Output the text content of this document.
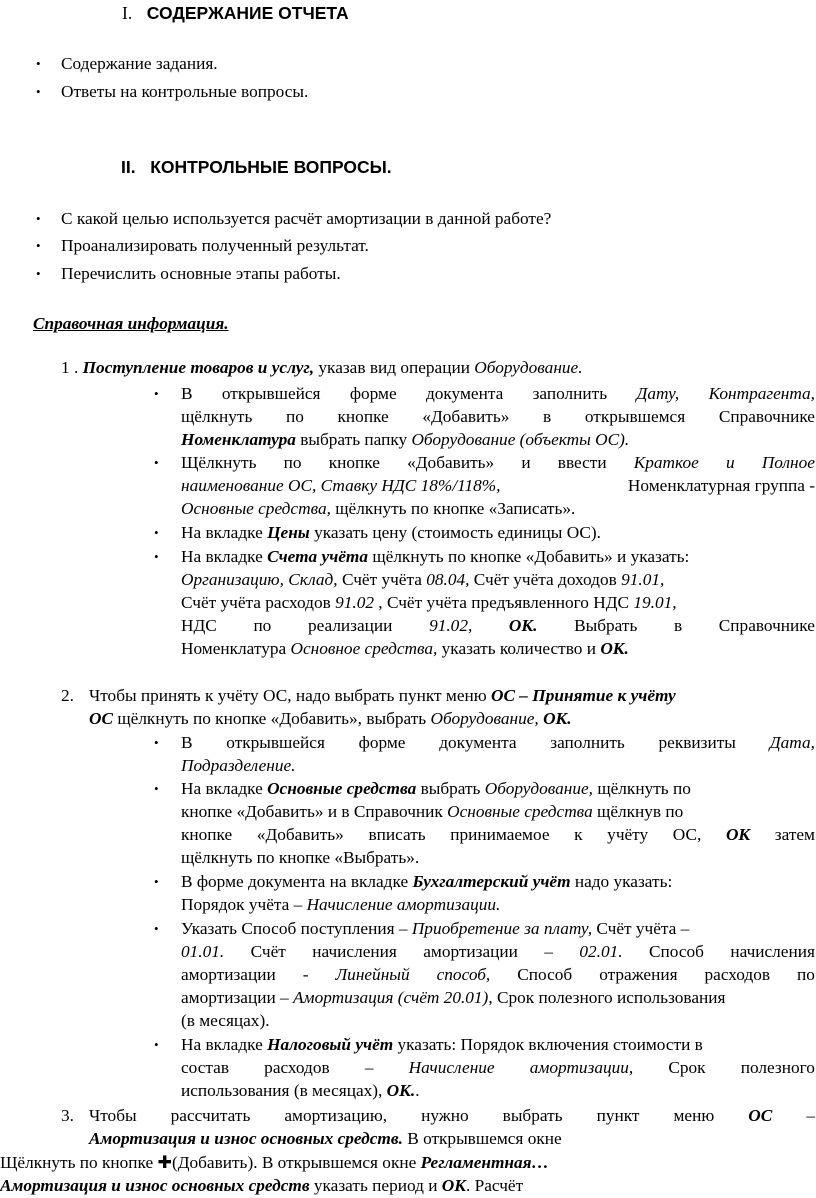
I. СОДЕРЖАНИЕ ОТЧЕТА
II. КОНТРОЛЬНЫЕ ВОПРОСЫ.
Справочная информация.
• Содержание задания.
• Ответы на контрольные вопросы.
• С какой целью используется расчёт амортизации в данной работе?
• Проанализировать полученный результат.
• Перечислить основные этапы работы.
1 . Поступление товаров и услуг, указав вид операции Оборудование.
• В открывшейся форме документа заполнить Дату, Контрагента,
щёлкнуть по кнопке «Добавить» в открывшемся Справочнике
Номенклатура выбрать папку Оборудование (объекты ОС).
• Щёлкнуть по кнопке «Добавить» и ввести Краткое и Полное
наименование ОС, Ставку НДС 18%/118%,	Номенклатурная группа -
Основные средства, щёлкнуть по кнопке «Записать».
• На вкладке Цены указать цену (стоимость единицы ОС).
• На вкладке Счета учёта щёлкнуть по кнопке «Добавить» и указать:
Организацию, Склад, Счёт учёта 08.04, Счёт учёта доходов 91.01,
Счёт учёта расходов 91.02 , Счёт учёта предъявленного НДС 19.01,
НДС по реализации 91.02, ОК. Выбрать в Справочнике
Номенклатура Основное средства, указать количество и ОК.
2. Чтобы принять к учёту ОС, надо выбрать пункт меню ОС – Принятие к учёту
ОС щёлкнуть по кнопке «Добавить», выбрать Оборудование, ОК.
• В открывшейся форме документа заполнить реквизиты Дата,
Подразделение.
• На вкладке Основные средства выбрать Оборудование, щёлкнуть по
кнопке «Добавить» и в Справочник Основные средства щёлкнув по
кнопке «Добавить» вписать принимаемое к учёту ОС, ОК затем
щёлкнуть по кнопке «Выбрать».
• В форме документа на вкладке Бухгалтерский учёт надо указать:
Порядок учёта – Начисление амортизации.
• Указать Способ поступления – Приобретение за плату, Счёт учёта –
01.01. Счёт начисления амортизации – 02.01. Способ начисления
амортизации - Линейный способ, Способ отражения расходов по
амортизации – Амортизация (счёт 20.01), Срок полезного использования
(в месяцах).
• На вкладке Налоговый учёт указать: Порядок включения стоимости в
состав расходов – Начисление амортизации, Срок полезного
использования (в месяцах), ОК..
3. Чтобы рассчитать амортизацию, нужно выбрать пункт меню ОС –
Амортизация и износ основных средств. В открывшемся окне
Щёлкнуть по кнопке ✚(Добавить). В открывшемся окне Регламентная…
Амортизация и износ основных средств указать период и ОК. Расчёт
